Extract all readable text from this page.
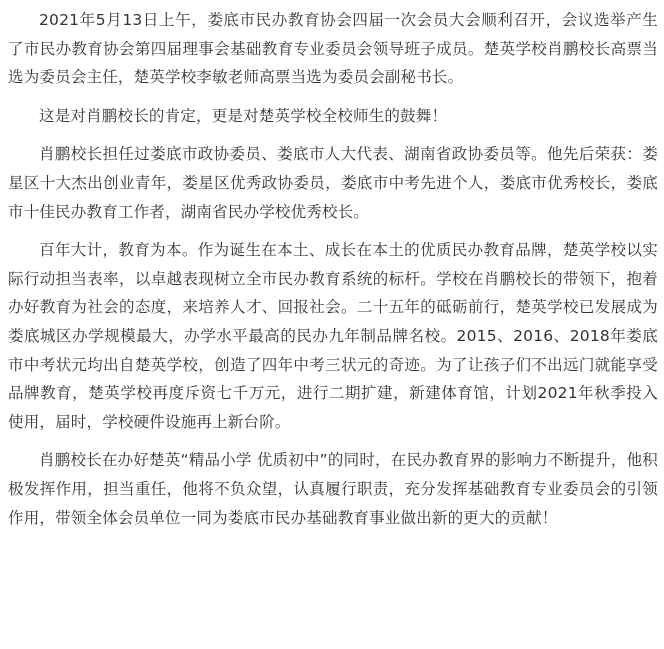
2021年5月13日上午，娄底市民办教育协会四届一次会员大会顺利召开，会议选举产生了市民办教育协会第四届理事会基础教育专业委员会领导班子成员。楚英学校肖鹏校长高票当选为委员会主任，楚英学校李敏老师高票当选为委员会副秘书长。

这是对肖鹏校长的肯定，更是对楚英学校全校师生的鼓舞！

肖鹏校长担任过娄底市政协委员、娄底市人大代表、湖南省政协委员等。他先后荣获：娄星区十大杰出创业青年，娄星区优秀政协委员，娄底市中考先进个人，娄底市优秀校长，娄底市十佳民办教育工作者，湖南省民办学校优秀校长。

百年大计，教育为本。作为诞生在本土、成长在本土的优质民办教育品牌，楚英学校以实际行动担当表率，以卓越表现树立全市民办教育系统的标杆。学校在肖鹏校长的带领下，抱着办好教育为社会的态度，来培养人才、回报社会。二十五年的砥砺前行，楚英学校已发展成为娄底城区办学规模最大，办学水平最高的民办九年制品牌名校。2015、2016、2018年娄底市中考状元均出自楚英学校，创造了四年中考三状元的奇迹。为了让孩子们不出远门就能享受品牌教育，楚英学校再度斥资七千万元，进行二期扩建，新建体育馆，计划2021年秋季投入使用，届时，学校硬件设施再上新台阶。

肖鹏校长在办好楚英“精品小学 优质初中”的同时，在民办教育界的影响力不断提升，他积极发挥作用，担当重任，他将不负众望，认真履行职责，充分发挥基础教育专业委员会的引领作用，带领全体会员单位一同为娄底市民办基础教育事业做出新的更大的贡献！
